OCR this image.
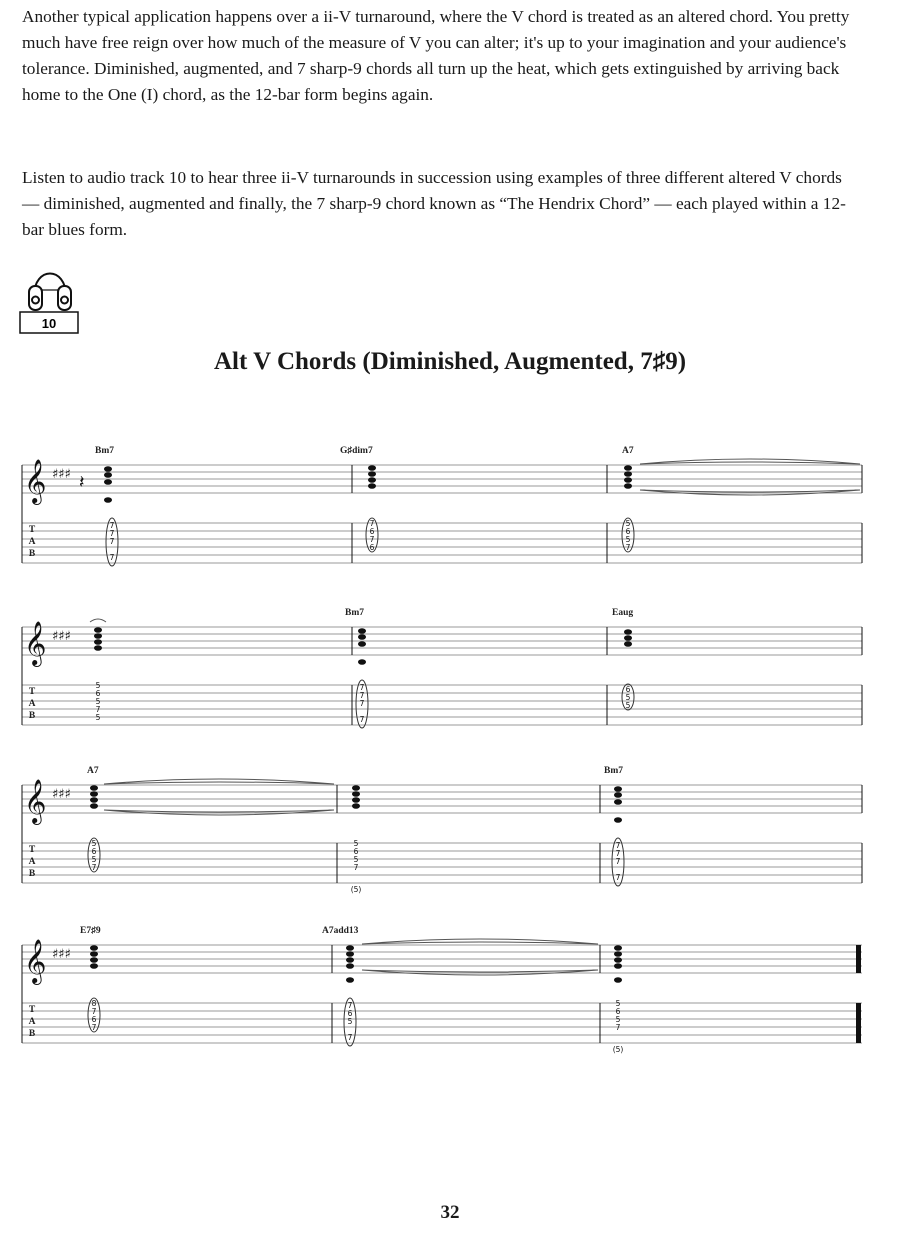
Another typical application happens over a ii-V turnaround, where the V chord is treated as an altered chord. You pretty much have free reign over how much of the measure of V you can alter; it's up to your imagination and your audience's tolerance. Diminished, augmented, and 7 sharp-9 chords all turn up the heat, which gets extinguished by arriving back home to the One (I) chord, as the 12-bar form begins again.

Listen to audio track 10 to hear three ii-V turnarounds in succession using examples of three different altered V chords — diminished, augmented and finally, the 7 sharp-9 chord known as “The Hendrix Chord” — each played within a 12-bar blues form.

10
Alt V Chords (Diminished, Augmented, 7♯9)
𝄞 ♯♯♯ 𝄽
T
A
B
Bm7	G♯dim7	A7
7
7
7
7
7
6
7
6
5
6
5
7
𝄞 ♯♯♯
T
A
B
Bm7	Eaug
5
6
5
7
5
7
7
7
7
6
5
5
𝄞 ♯♯♯
T
A
B
A7	Bm7
5
6
5
7
5
6
5
7
(5)
7
7
7
7
𝄞 ♯♯♯
T
A
B
E7♯9	A7add13
8
7
6
7
7
6
5
7
5
6
5
7
(5)
32
